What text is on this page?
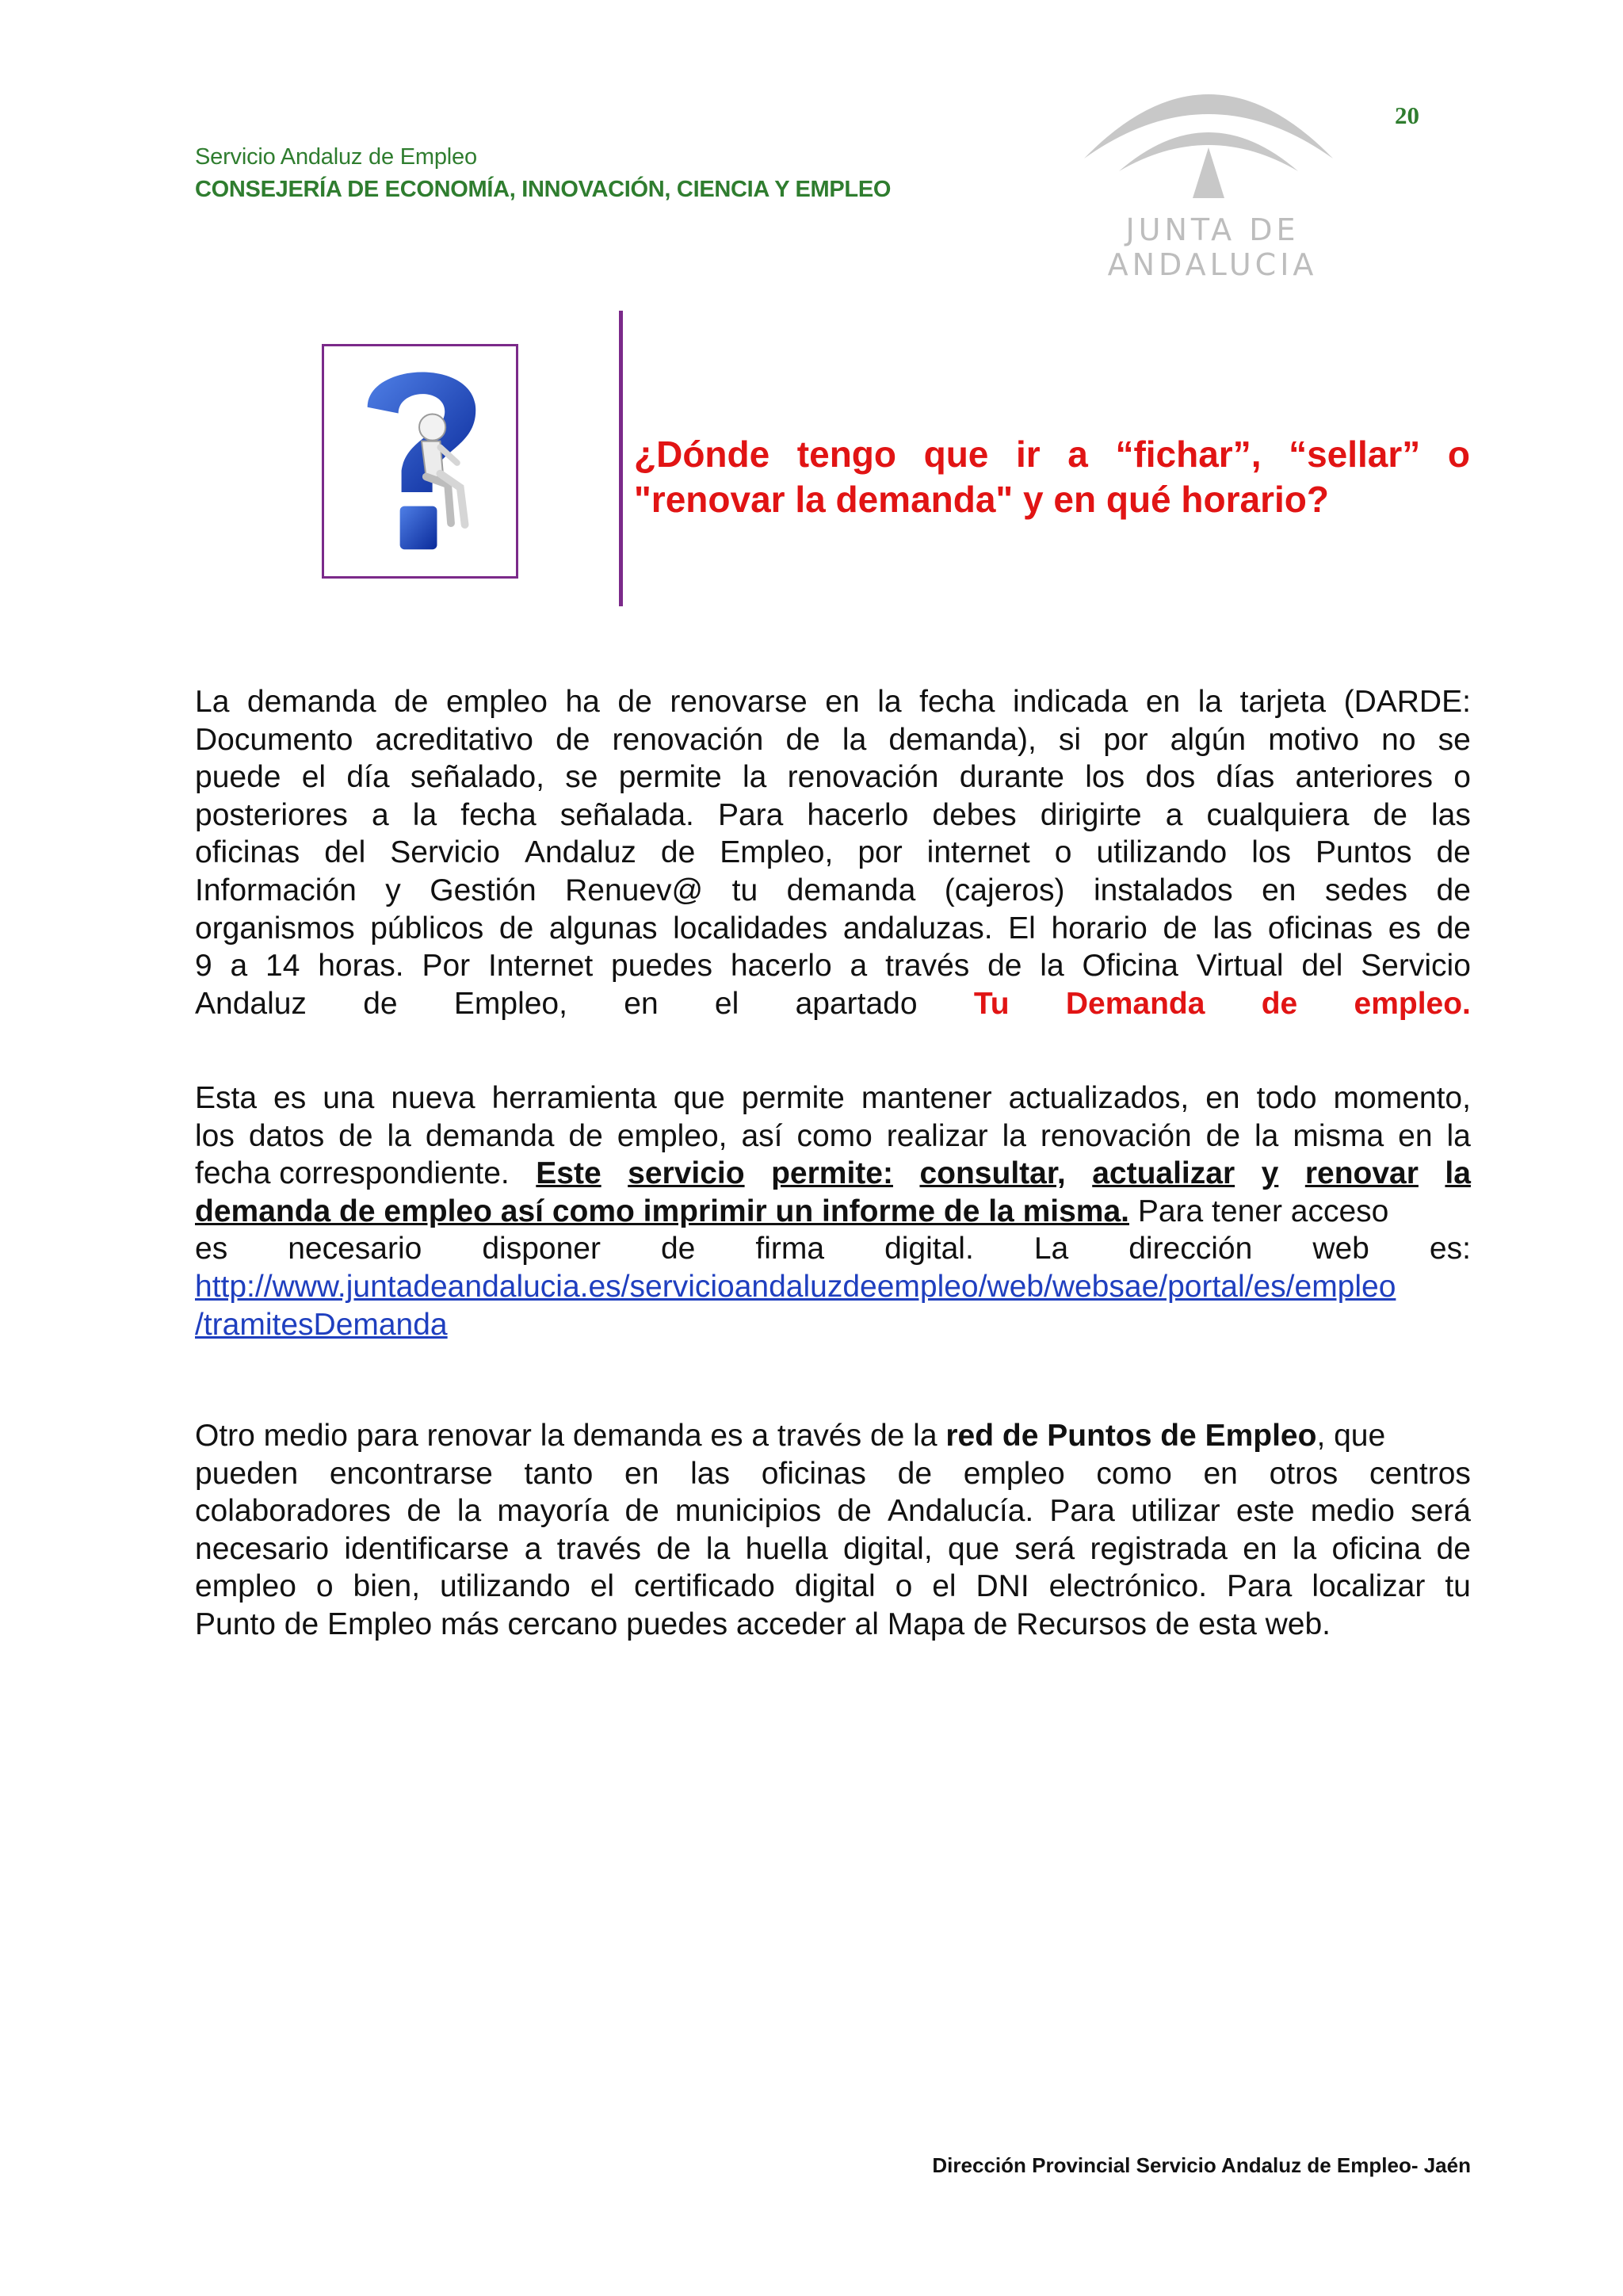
Servicio Andaluz de Empleo
CONSEJERÍA DE ECONOMÍA, INNOVACIÓN, CIENCIA Y EMPLEO
20
JUNTA DE ANDALUCIA
¿Dónde tengo que ir a “fichar”, “sellar” o
"renovar la demanda" y en qué horario?
La demanda de empleo ha de renovarse en la fecha indicada en la tarjeta (DARDE:
Documento acreditativo de renovación de la demanda), si por algún motivo no se
puede el día señalado, se permite la renovación durante los dos días anteriores o
posteriores a la fecha señalada. Para hacerlo debes dirigirte a cualquiera de las
oficinas del Servicio Andaluz de Empleo, por internet o utilizando los Puntos de
Información y Gestión Renuev@ tu demanda (cajeros) instalados en sedes de
organismos públicos de algunas localidades andaluzas. El horario de las oficinas es de
9 a 14 horas. Por Internet puedes hacerlo a través de la Oficina Virtual del Servicio
Andaluz de Empleo, en el apartado Tu Demanda de empleo.
Esta es una nueva herramienta que permite mantener actualizados, en todo momento,
los datos de la demanda de empleo, así como realizar la renovación de la misma en la
fecha correspondiente. Este servicio permite: consultar, actualizar y renovar la
demanda de empleo así como imprimir un informe de la misma. Para tener acceso
es necesario disponer de firma digital. La dirección web es:
http://www.juntadeandalucia.es/servicioandaluzdeempleo/web/websae/portal/es/empleo
/tramitesDemanda
Otro medio para renovar la demanda es a través de la red de Puntos de Empleo, que
pueden encontrarse tanto en las oficinas de empleo como en otros centros
colaboradores de la mayoría de municipios de Andalucía. Para utilizar este medio será
necesario identificarse a través de la huella digital, que será registrada en la oficina de
empleo o bien, utilizando el certificado digital o el DNI electrónico. Para localizar tu
Punto de Empleo más cercano puedes acceder al Mapa de Recursos de esta web.
Dirección Provincial Servicio Andaluz de Empleo- Jaén
